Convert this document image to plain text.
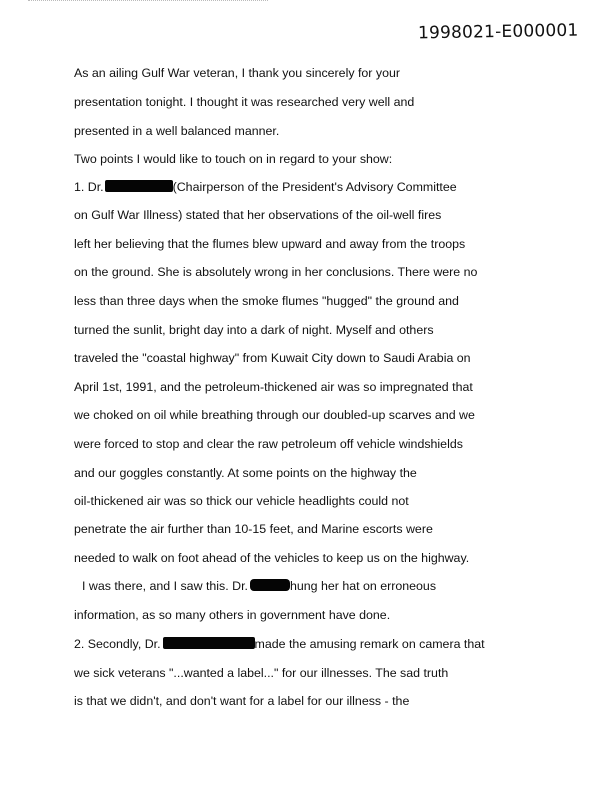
1998021-E000001
As an ailing Gulf War veteran, I thank you sincerely for your
presentation tonight. I thought it was researched very well and
presented in a well balanced manner.
Two points I would like to touch on in regard to your show:
1. Dr.	(Chairperson of the President's Advisory Committee
on Gulf War Illness) stated that her observations of the oil-well fires
left her believing that the flumes blew upward and away from the troops
on the ground. She is absolutely wrong in her conclusions. There were no
less than three days when the smoke flumes "hugged" the ground and
turned the sunlit, bright day into a dark of night. Myself and others
traveled the "coastal highway" from Kuwait City down to Saudi Arabia on
April 1st, 1991, and the petroleum-thickened air was so impregnated that
we choked on oil while breathing through our doubled-up scarves and we
were forced to stop and clear the raw petroleum off vehicle windshields
and our goggles constantly. At some points on the highway the
oil-thickened air was so thick our vehicle headlights could not
penetrate the air further than 10-15 feet, and Marine escorts were
needed to walk on foot ahead of the vehicles to keep us on the highway.
I was there, and I saw this. Dr.	hung her hat on erroneous
information, as so many others in government have done.
2. Secondly, Dr.	made the amusing remark on camera that
we sick veterans "...wanted a label..." for our illnesses. The sad truth
is that we didn't, and don't want for a label for our illness - the
